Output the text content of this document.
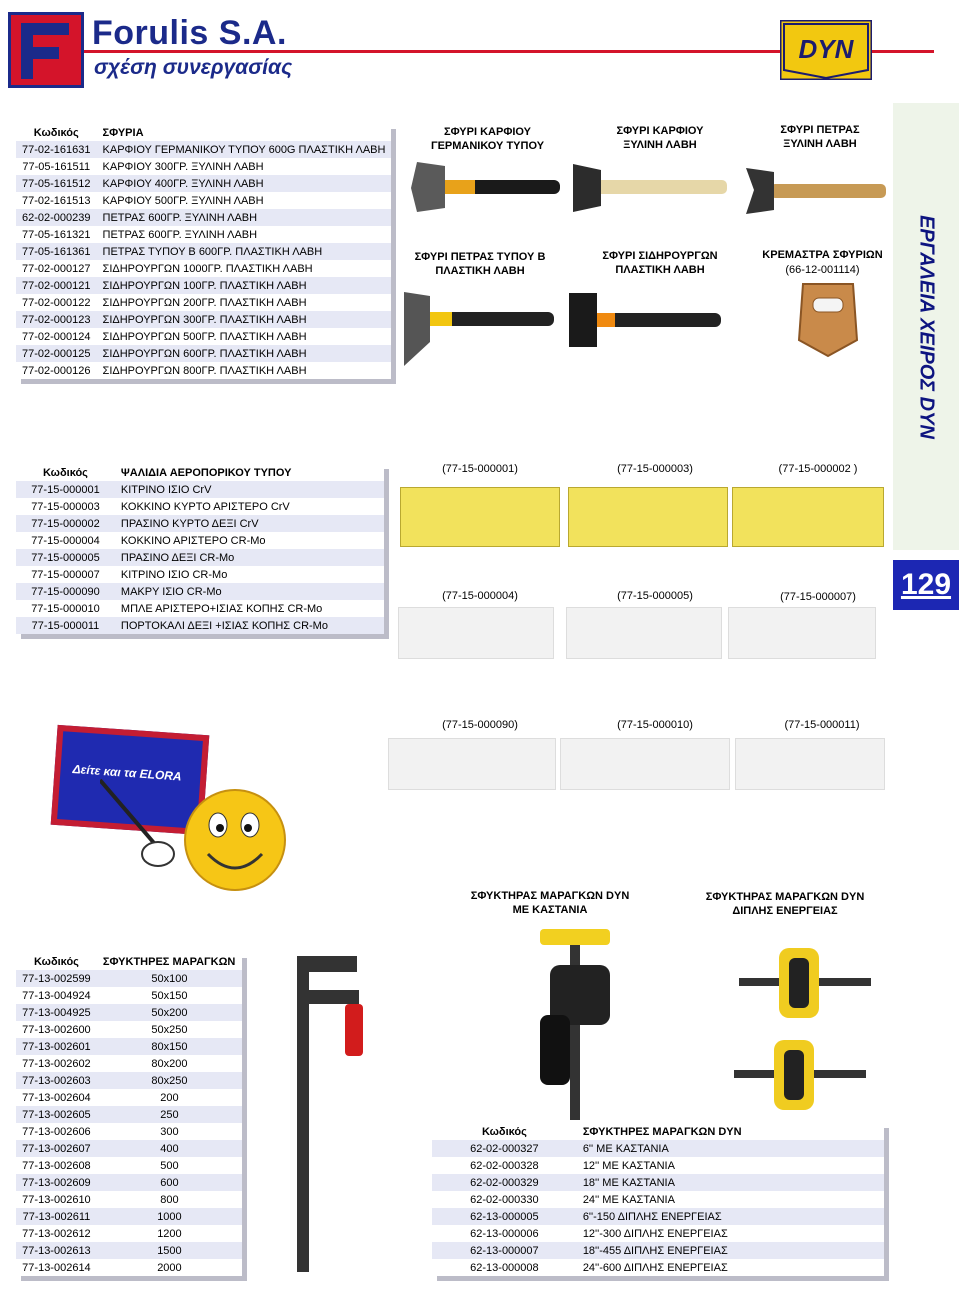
Forulis S.A.
σχέση συνεργασίας
DYN
ΕΡΓΑΛΕΙΑ ΧΕΙΡΟΣ DYN
129
Κωδικός	ΣΦΥΡΙΑ
77-02-161631	ΚΑΡΦΙΟΥ ΓΕΡΜΑΝΙΚΟΥ ΤΥΠΟΥ 600G ΠΛΑΣΤΙΚΗ ΛΑΒΗ
77-05-161511	ΚΑΡΦΙΟΥ 300ΓΡ. ΞΥΛΙΝΗ ΛΑΒΗ
77-05-161512	ΚΑΡΦΙΟΥ 400ΓΡ. ΞΥΛΙΝΗ ΛΑΒΗ
77-02-161513	ΚΑΡΦΙΟΥ 500ΓΡ. ΞΥΛΙΝΗ ΛΑΒΗ
62-02-000239	ΠΕΤΡΑΣ 600ΓΡ. ΞΥΛΙΝΗ ΛΑΒΗ
77-05-161321	ΠΕΤΡΑΣ 600ΓΡ. ΞΥΛΙΝΗ ΛΑΒΗ
77-05-161361	ΠΕΤΡΑΣ ΤΥΠΟΥ Β 600ΓΡ. ΠΛΑΣΤΙΚΗ ΛΑΒΗ
77-02-000127	ΣΙΔΗΡΟΥΡΓΩΝ 1000ΓΡ. ΠΛΑΣΤΙΚΗ ΛΑΒΗ
77-02-000121	ΣΙΔΗΡΟΥΡΓΩΝ 100ΓΡ. ΠΛΑΣΤΙΚΗ ΛΑΒΗ
77-02-000122	ΣΙΔΗΡΟΥΡΓΩΝ 200ΓΡ. ΠΛΑΣΤΙΚΗ ΛΑΒΗ
77-02-000123	ΣΙΔΗΡΟΥΡΓΩΝ 300ΓΡ. ΠΛΑΣΤΙΚΗ ΛΑΒΗ
77-02-000124	ΣΙΔΗΡΟΥΡΓΩΝ 500ΓΡ. ΠΛΑΣΤΙΚΗ ΛΑΒΗ
77-02-000125	ΣΙΔΗΡΟΥΡΓΩΝ 600ΓΡ. ΠΛΑΣΤΙΚΗ ΛΑΒΗ
77-02-000126	ΣΙΔΗΡΟΥΡΓΩΝ 800ΓΡ. ΠΛΑΣΤΙΚΗ ΛΑΒΗ
ΣΦΥΡΙ ΚΑΡΦΙΟΥ ΓΕΡΜΑΝΙΚΟΥ ΤΥΠΟΥ
ΣΦΥΡΙ ΚΑΡΦΙΟΥ ΞΥΛΙΝΗ ΛΑΒΗ
ΣΦΥΡΙ ΠΕΤΡΑΣ ΞΥΛΙΝΗ ΛΑΒΗ
ΣΦΥΡΙ ΠΕΤΡΑΣ ΤΥΠΟΥ Β ΠΛΑΣΤΙΚΗ ΛΑΒΗ
ΣΦΥΡΙ ΣΙΔΗΡΟΥΡΓΩΝ ΠΛΑΣΤΙΚΗ ΛΑΒΗ
ΚΡΕΜΑΣΤΡΑ ΣΦΥΡΙΩΝ
(66-12-001114)
Κωδικός	ΨΑΛΙΔΙΑ ΑΕΡΟΠΟΡΙΚΟΥ ΤΥΠΟΥ
77-15-000001	ΚΙΤΡΙΝΟ ΙΣΙΟ CrV
77-15-000003	ΚΟΚΚΙΝΟ ΚΥΡΤΟ ΑΡΙΣΤΕΡΟ CrV
77-15-000002	ΠΡΑΣΙΝΟ ΚΥΡΤΟ ΔΕΞΙ CrV
77-15-000004	ΚΟΚΚΙΝΟ ΑΡΙΣΤΕΡΟ CR-Mo
77-15-000005	ΠΡΑΣΙΝΟ ΔΕΞΙ CR-Mo
77-15-000007	ΚΙΤΡΙΝΟ ΙΣΙΟ CR-Mo
77-15-000090	ΜΑΚΡΥ ΙΣΙΟ CR-Mo
77-15-000010	ΜΠΛΕ ΑΡΙΣΤΕΡΟ+ΙΣΙΑΣ ΚΟΠΗΣ CR-Mo
77-15-000011	ΠΟΡΤΟΚΑΛΙ ΔΕΞΙ +ΙΣΙΑΣ ΚΟΠΗΣ CR-Mo
(77-15-000001)	(77-15-000003)	(77-15-000002 )
(77-15-000004)	(77-15-000005)	(77-15-000007)
(77-15-000090)	(77-15-000010)	(77-15-000011)
Δείτε και τα ELORA
Κωδικός	ΣΦΥΚΤΗΡΕΣ ΜΑΡΑΓΚΩΝ
77-13-002599	50x100
77-13-004924	50x150
77-13-004925	50x200
77-13-002600	50x250
77-13-002601	80x150
77-13-002602	80x200
77-13-002603	80x250
77-13-002604	200
77-13-002605	250
77-13-002606	300
77-13-002607	400
77-13-002608	500
77-13-002609	600
77-13-002610	800
77-13-002611	1000
77-13-002612	1200
77-13-002613	1500
77-13-002614	2000
ΣΦΥΚΤΗΡΑΣ ΜΑΡΑΓΚΩΝ DYN ΜΕ ΚΑΣΤΑΝΙΑ
ΣΦΥΚΤΗΡΑΣ ΜΑΡΑΓΚΩΝ DYN ΔΙΠΛΗΣ ΕΝΕΡΓΕΙΑΣ
Κωδικός	ΣΦΥΚΤΗΡΕΣ ΜΑΡΑΓΚΩΝ DYN
62-02-000327	6'' ΜΕ ΚΑΣΤΑΝΙΑ
62-02-000328	12'' ΜΕ ΚΑΣΤΑΝΙΑ
62-02-000329	18'' ΜΕ ΚΑΣΤΑΝΙΑ
62-02-000330	24'' ΜΕ ΚΑΣΤΑΝΙΑ
62-13-000005	6''-150 ΔΙΠΛΗΣ ΕΝΕΡΓΕΙΑΣ
62-13-000006	12''-300 ΔΙΠΛΗΣ ΕΝΕΡΓΕΙΑΣ
62-13-000007	18''-455 ΔΙΠΛΗΣ ΕΝΕΡΓΕΙΑΣ
62-13-000008	24''-600 ΔΙΠΛΗΣ ΕΝΕΡΓΕΙΑΣ
